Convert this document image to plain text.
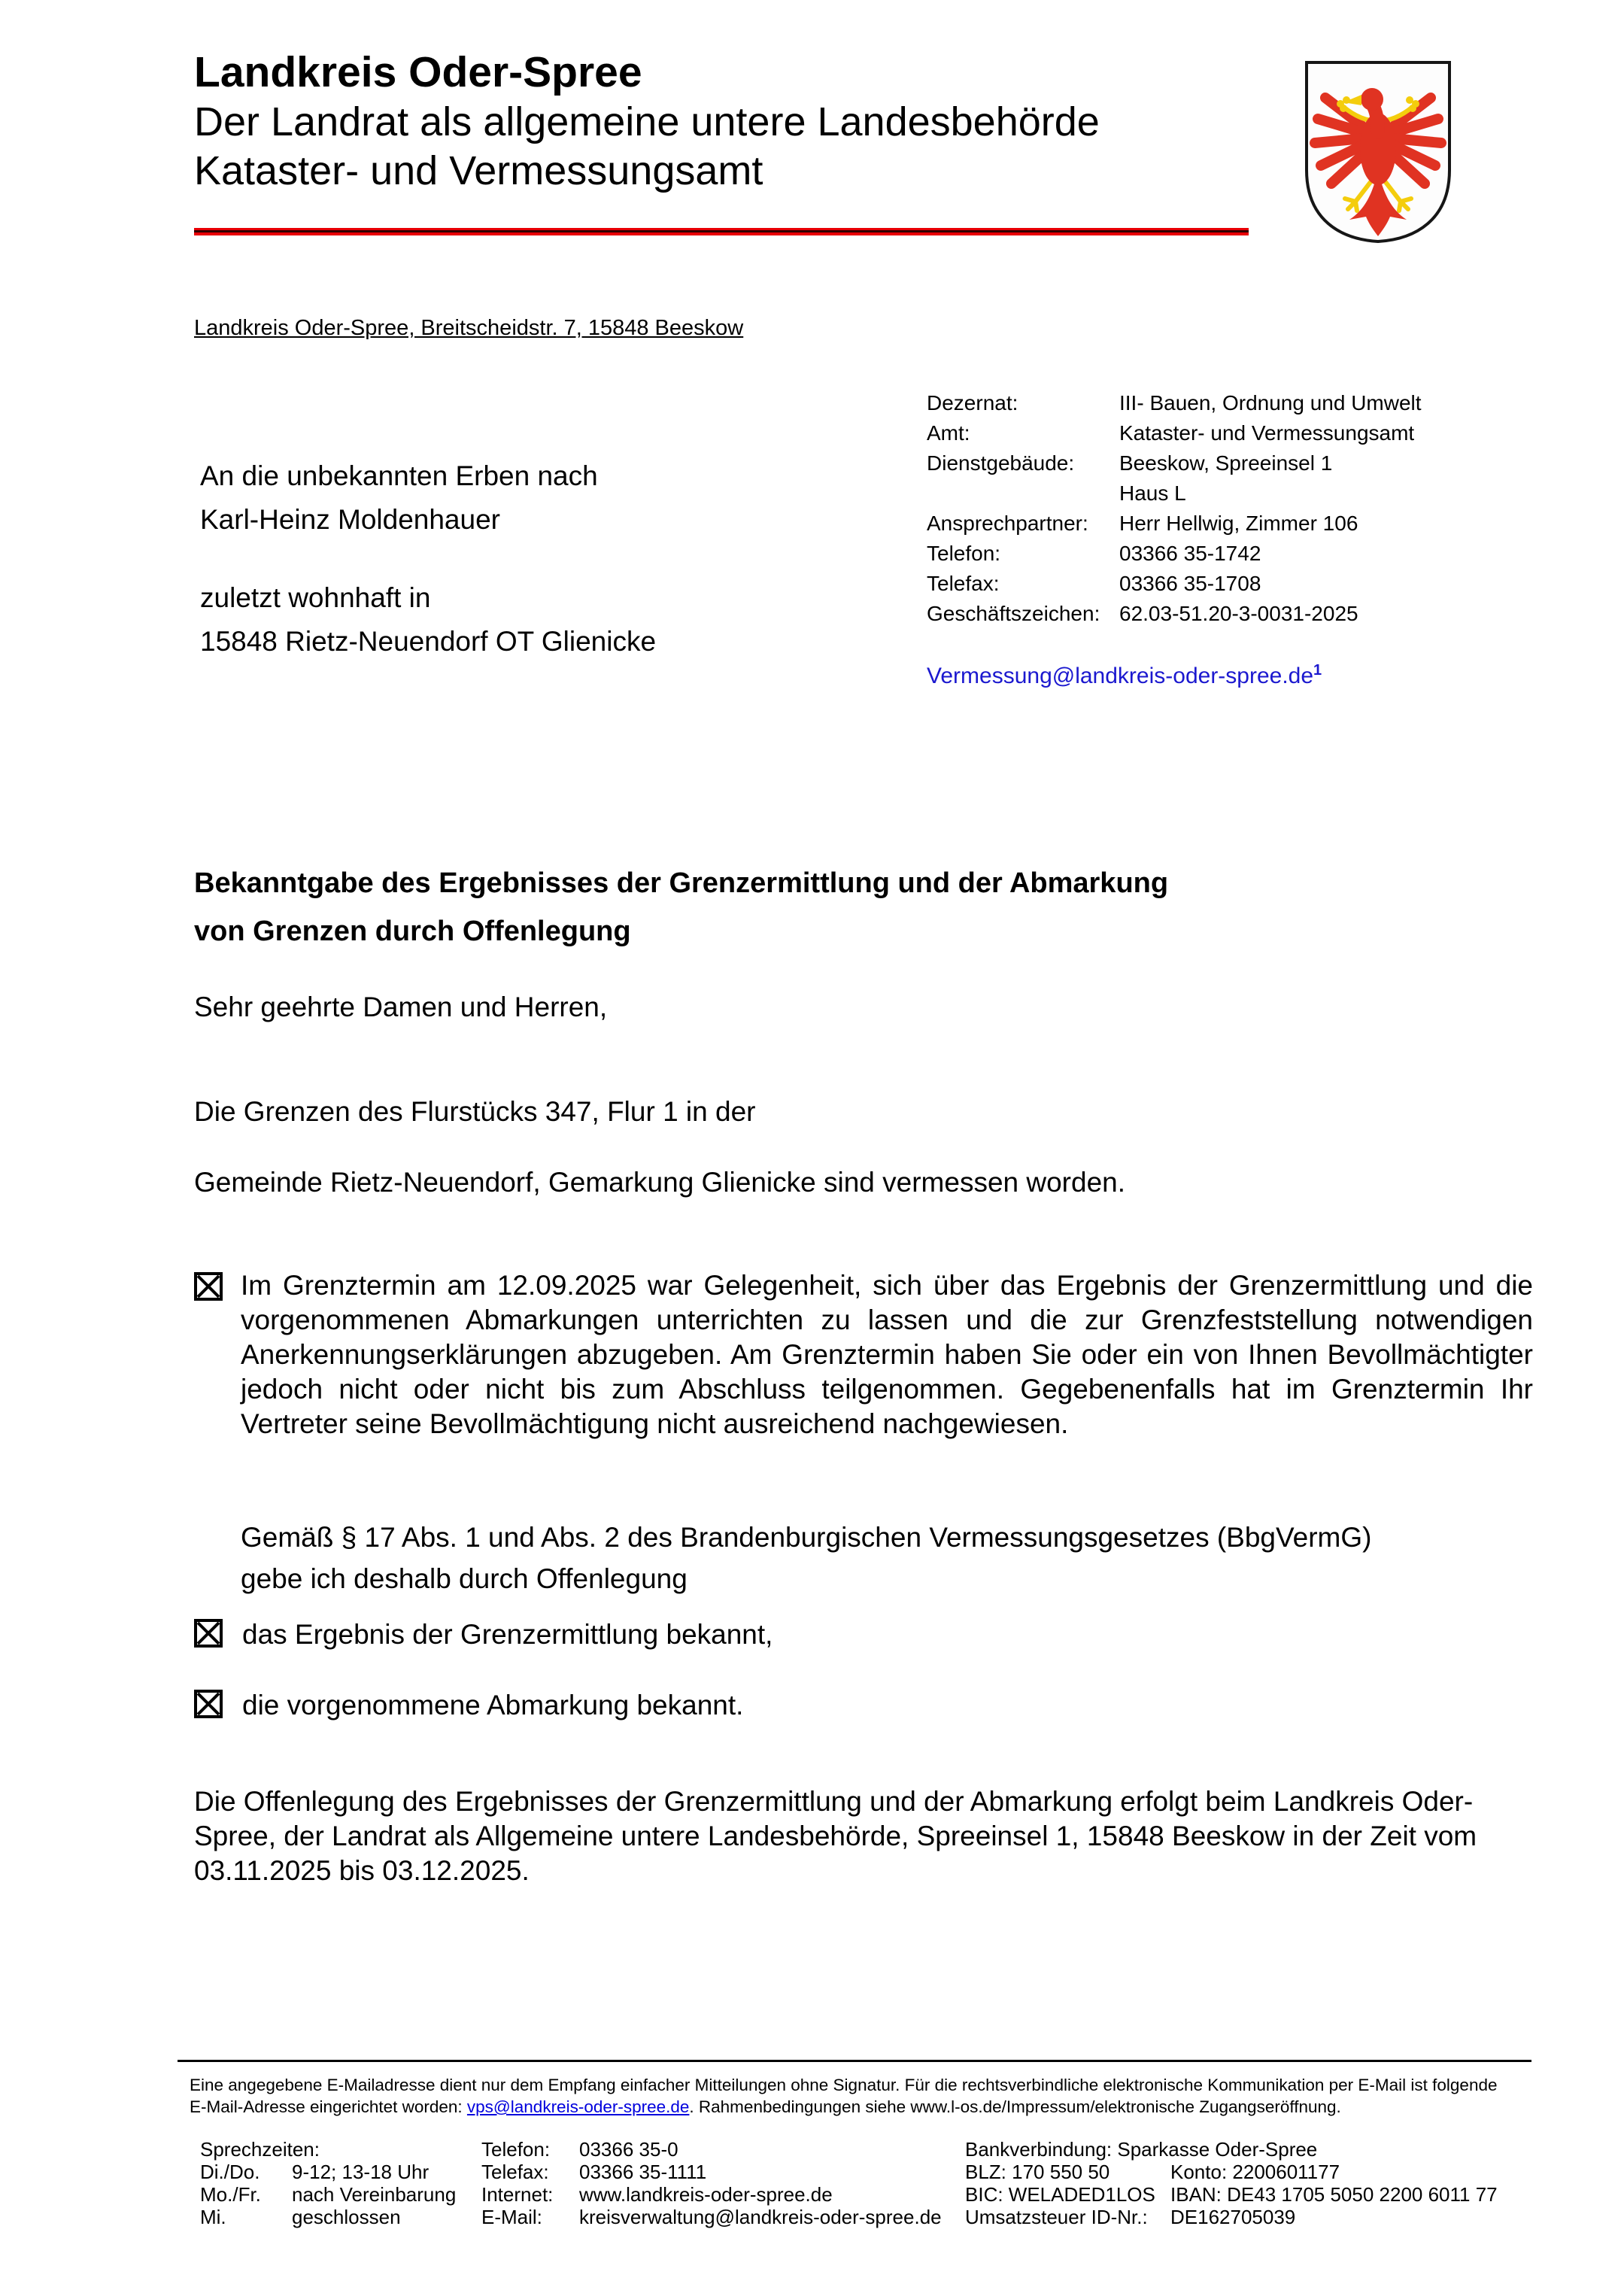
Landkreis Oder-Spree

Der Landrat als allgemeine untere Landesbehörde

Kataster- und Vermessungsamt

Landkreis Oder-Spree, Breitscheidstr. 7, 15848 Beeskow
An die unbekannten Erben nach
Karl-Heinz Moldenhauer
zuletzt wohnhaft in
15848 Rietz-Neuendorf OT Glienicke
Dezernat:	III- Bauen, Ordnung und Umwelt
Amt:	Kataster- und Vermessungsamt
Dienstgebäude:	Beeskow, Spreeinsel 1
Haus L
Ansprechpartner:	Herr Hellwig, Zimmer 106
Telefon:	03366 35-1742
Telefax:	03366 35-1708
Geschäftszeichen: 62.03-51.20-3-0031-2025
Vermessung@landkreis-oder-spree.de$^1$
Bekanntgabe des Ergebnisses der Grenzermittlung und der Abmarkung
von Grenzen durch Offenlegung
Sehr geehrte Damen und Herren,
Die Grenzen des Flurstücks 347, Flur 1 in der
Gemeinde Rietz-Neuendorf, Gemarkung Glienicke sind vermessen worden.
Im Grenztermin am 12.09.2025 war Gelegenheit, sich über das Ergebnis der Grenzermittlung und die vorgenommenen Abmarkungen unterrichten zu lassen und die zur Grenzfeststellung notwendigen Anerkennungserklärungen abzugeben. Am Grenztermin haben Sie oder ein von Ihnen Bevollmächtigter jedoch nicht oder nicht bis zum Abschluss teilgenommen. Gegebenenfalls hat im Grenztermin Ihr Vertreter seine Bevollmächtigung nicht ausreichend nachgewiesen.
Gemäß § 17 Abs. 1 und Abs. 2 des Brandenburgischen Vermessungsgesetzes (BbgVermG)
gebe ich deshalb durch Offenlegung
das Ergebnis der Grenzermittlung bekannt,
die vorgenommene Abmarkung bekannt.
Die Offenlegung des Ergebnisses der Grenzermittlung und der Abmarkung erfolgt beim Landkreis Oder-Spree, der Landrat als Allgemeine untere Landesbehörde, Spreeinsel 1, 15848 Beeskow in der Zeit vom 03.11.2025 bis 03.12.2025.
Eine angegebene E-Mailadresse dient nur dem Empfang einfacher Mitteilungen ohne Signatur. Für die rechtsverbindliche elektronische Kommunikation per E-Mail ist folgende E-Mail-Adresse eingerichtet worden: vps@landkreis-oder-spree.de. Rahmenbedingungen siehe www.l-os.de/Impressum/elektronische Zugangseröffnung.
Sprechzeiten:
Di./Do.	9-12; 13-18 Uhr
Mo./Fr.	nach Vereinbarung
Mi.	geschlossen
Telefon:	03366 35-0
Telefax:	03366 35-1111
Internet:	www.landkreis-oder-spree.de
E-Mail:	kreisverwaltung@landkreis-oder-spree.de
Bankverbindung: Sparkasse Oder-Spree
BLZ: 170 550 50	Konto: 2200601177
BIC: WELADED1LOS IBAN: DE43 1705 5050 2200 6011 77
Umsatzsteuer ID-Nr.:	DE162705039
